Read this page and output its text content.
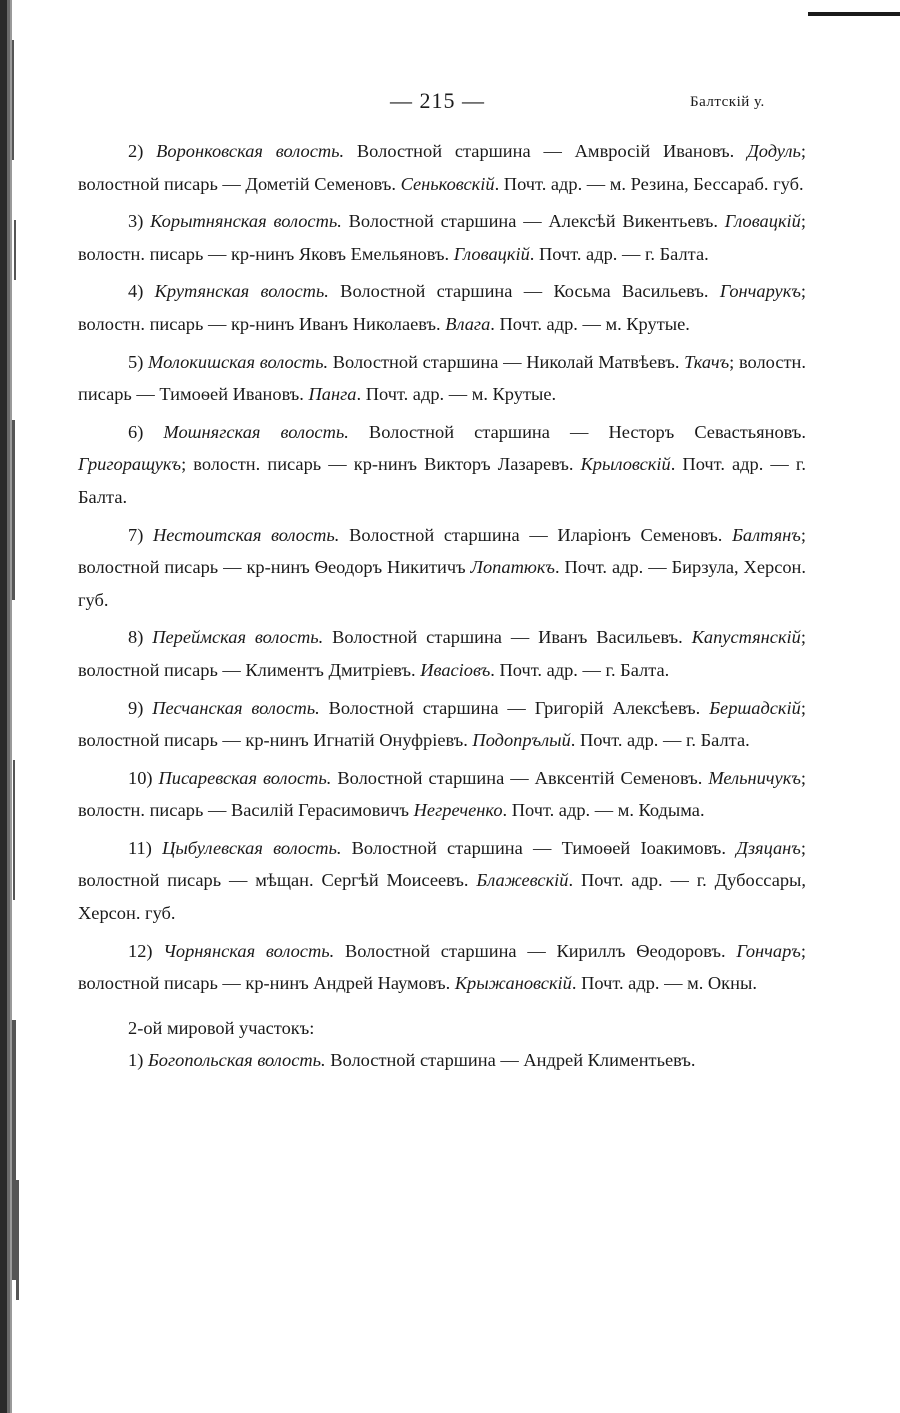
— 215 —	Балтскій у.

2) Воронковская волость. Волостной старшина — Амвросій Ивановъ. Додуль; волостной писарь — Дометій Семеновъ. Сеньковскій. Почт. адр. — м. Резина, Бессараб. губ.

3) Корытнянская волость. Волостной старшина — Алексѣй Викентьевъ. Гловацкій; волостн. писарь — кр-нинъ Яковъ Емельяновъ. Гловацкій. Почт. адр. — г. Балта.

4) Крутянская волость. Волостной старшина — Косьма Васильевъ. Гончарукъ; волостн. писарь — кр-нинъ Иванъ Николаевъ. Влага. Почт. адр. — м. Крутые.

5) Молокишская волость. Волостной старшина — Николай Матвѣевъ. Ткачъ; волостн. писарь — Тимоѳей Ивановъ. Панга. Почт. адр. — м. Крутые.

6) Мошнягская волость. Волостной старшина — Несторъ Севастьяновъ. Григоращукъ; волостн. писарь — кр-нинъ Викторъ Лазаревъ. Крыловскій. Почт. адр. — г. Балта.

7) Нестоитская волость. Волостной старшина — Иларіонъ Семеновъ. Балтянъ; волостной писарь — кр-нинъ Ѳеодоръ Никитичъ Лопатюкъ. Почт. адр. — Бирзула, Херсон. губ.

8) Переймская волость. Волостной старшина — Иванъ Васильевъ. Капустянскій; волостной писарь — Климентъ Дмитріевъ. Иваcioвъ. Почт. адр. — г. Балта.

9) Песчанская волость. Волостной старшина — Григорій Алексѣевъ. Бершадскій; волостной писарь — кр-нинъ Игнатій Онуфріевъ. Подопрълый. Почт. адр. — г. Балта.

10) Писаревская волость. Волостной старшина — Авксентій Семеновъ. Мельничукъ; волостн. писарь — Василій Герасимовичъ Негреченко. Почт. адр. — м. Кодыма.

11) Цыбулевская волость. Волостной старшина — Тимоѳей Іоакимовъ. Дзяцанъ; волостной писарь — мѣщан. Сергѣй Моисеевъ. Блажевскій. Почт. адр. — г. Дубоссары, Херсон. губ.

12) Чорнянская волость. Волостной старшина — Кириллъ Ѳеодоровъ. Гончаръ; волостной писарь — кр-нинъ Андрей Наумовъ. Крыжановскій. Почт. адр. — м. Окны.

2-ой мировой участокъ:

1) Богопольская волость. Волостной старшина — Андрей Климентьевъ.
